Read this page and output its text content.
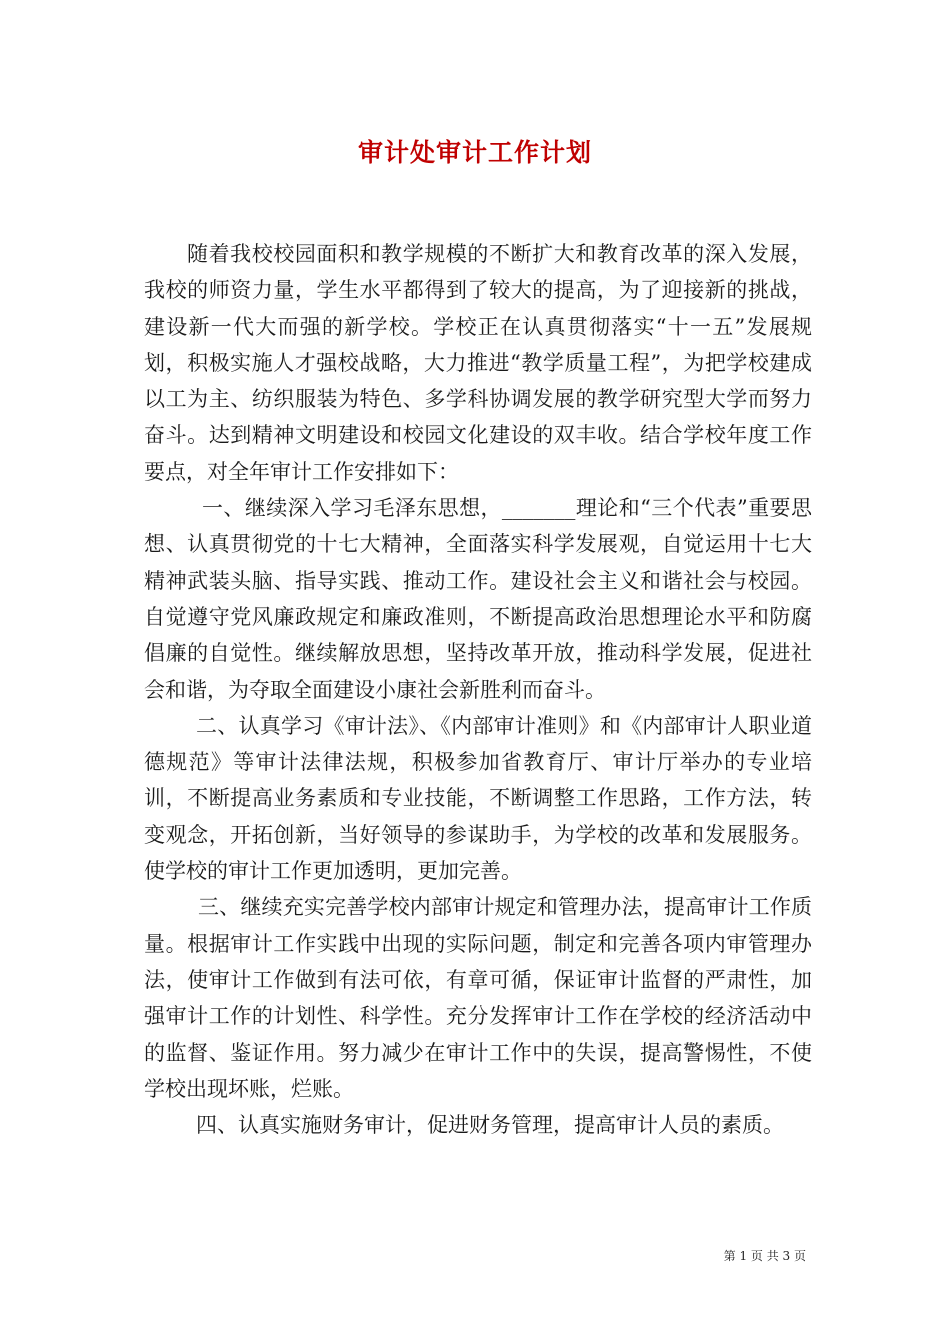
审计处审计工作计划

随着我校校园面积和教学规模的不断扩大和教育改革的深入发展，我校的师资力量，学生水平都得到了较大的提高，为了迎接新的挑战，建设新一代大而强的新学校。学校正在认真贯彻落实“十一五”发展规划，积极实施人才强校战略，大力推进“教学质量工程”，为把学校建成以工为主、纺织服装为特色、多学科协调发展的教学研究型大学而努力奋斗。达到精神文明建设和校园文化建设的双丰收。结合学校年度工作要点，对全年审计工作安排如下：

一、继续深入学习毛泽东思想，_______理论和“三个代表”重要思想、认真贯彻党的十七大精神，全面落实科学发展观，自觉运用十七大精神武装头脑、指导实践、推动工作。建设社会主义和谐社会与校园。自觉遵守党风廉政规定和廉政准则，不断提高政治思想理论水平和防腐倡廉的自觉性。继续解放思想，坚持改革开放，推动科学发展，促进社会和谐，为夺取全面建设小康社会新胜利而奋斗。

二、认真学习《审计法》、《内部审计准则》和《内部审计人职业道德规范》等审计法律法规，积极参加省教育厅、审计厅举办的专业培训，不断提高业务素质和专业技能，不断调整工作思路，工作方法，转变观念，开拓创新，当好领导的参谋助手，为学校的改革和发展服务。使学校的审计工作更加透明，更加完善。

三、继续充实完善学校内部审计规定和管理办法，提高审计工作质量。根据审计工作实践中出现的实际问题，制定和完善各项内审管理办法，使审计工作做到有法可依，有章可循，保证审计监督的严肃性，加强审计工作的计划性、科学性。充分发挥审计工作在学校的经济活动中的监督、鉴证作用。努力减少在审计工作中的失误，提高警惕性，不使学校出现坏账，烂账。

四、认真实施财务审计，促进财务管理，提高审计人员的素质。

第 1 页 共 3 页
